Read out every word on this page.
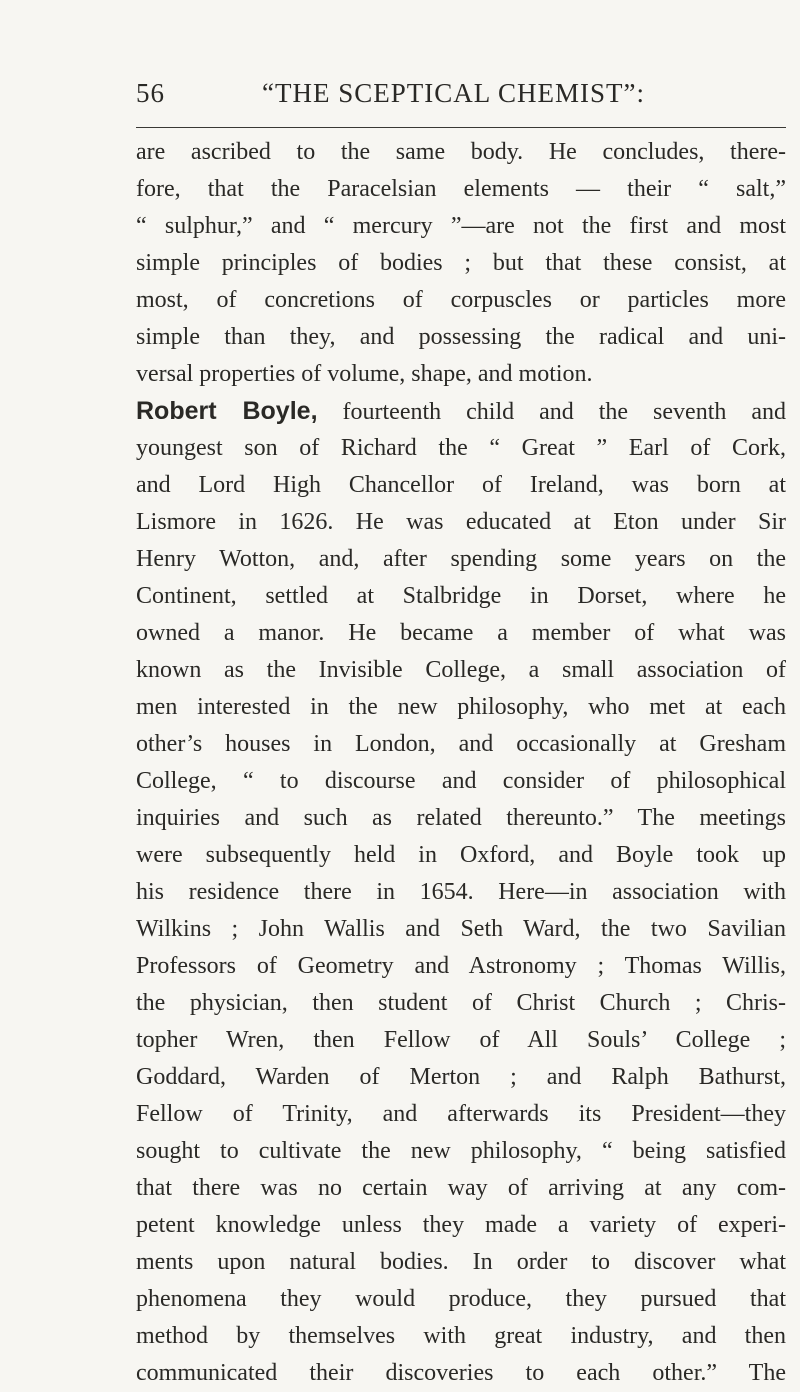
56	“THE SCEPTICAL CHEMIST”:
are ascribed to the same body. He concludes, there-
fore, that the Paracelsian elements — their “ salt,”
“ sulphur,” and “ mercury ”—are not the first and most
simple principles of bodies ; but that these consist, at
most, of concretions of corpuscles or particles more
simple than they, and possessing the radical and uni-
versal properties of volume, shape, and motion.
Robert Boyle, fourteenth child and the seventh and
youngest son of Richard the “ Great ” Earl of Cork,
and Lord High Chancellor of Ireland, was born at
Lismore in 1626. He was educated at Eton under Sir
Henry Wotton, and, after spending some years on the
Continent, settled at Stalbridge in Dorset, where he
owned a manor. He became a member of what was
known as the Invisible College, a small association of
men interested in the new philosophy, who met at each
other’s houses in London, and occasionally at Gresham
College, “ to discourse and consider of philosophical
inquiries and such as related thereunto.” The meetings
were subsequently held in Oxford, and Boyle took up
his residence there in 1654. Here—in association with
Wilkins ; John Wallis and Seth Ward, the two Savilian
Professors of Geometry and Astronomy ; Thomas Willis,
the physician, then student of Christ Church ; Chris-
topher Wren, then Fellow of All Souls’ College ;
Goddard, Warden of Merton ; and Ralph Bathurst,
Fellow of Trinity, and afterwards its President—they
sought to cultivate the new philosophy, “ being satisfied
that there was no certain way of arriving at any com-
petent knowledge unless they made a variety of experi-
ments upon natural bodies. In order to discover what
phenomena they would produce, they pursued that
method by themselves with great industry, and then
communicated their discoveries to each other.” The
